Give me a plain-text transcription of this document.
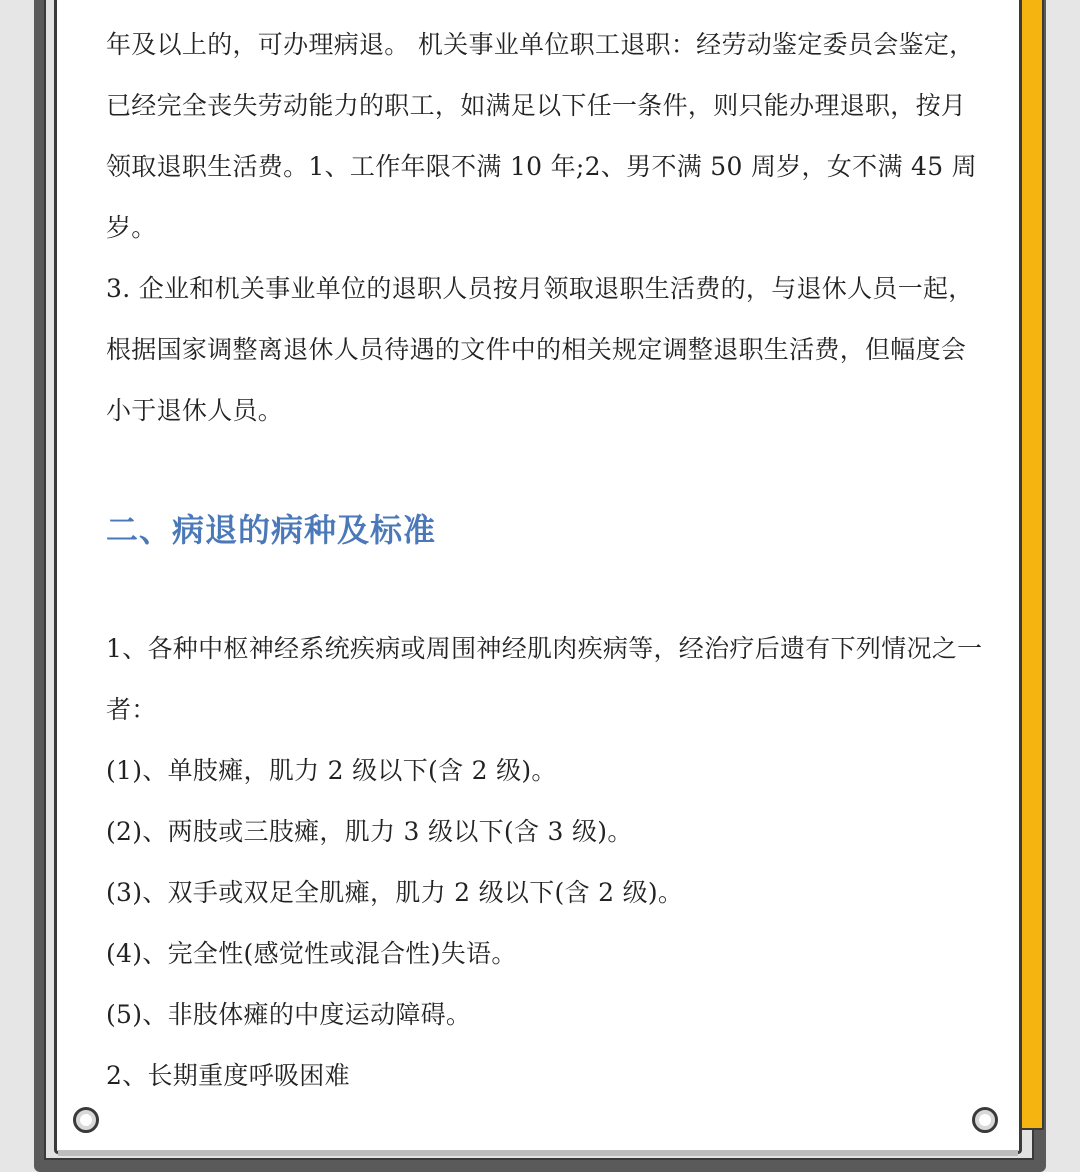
年及以上的，可办理病退。 机关事业单位职工退职：经劳动鉴定委员会鉴定，已经完全丧失劳动能力的职工，如满足以下任一条件，则只能办理退职，按月领取退职生活费。1、工作年限不满 10 年;2、男不满 50 周岁，女不满 45 周岁。

3. 企业和机关事业单位的退职人员按月领取退职生活费的，与退休人员一起，根据国家调整离退休人员待遇的文件中的相关规定调整退职生活费，但幅度会小于退休人员。

二、病退的病种及标准

1、各种中枢神经系统疾病或周围神经肌肉疾病等，经治疗后遗有下列情况之一者：

(1)、单肢瘫，肌力 2 级以下(含 2 级)。

(2)、两肢或三肢瘫，肌力 3 级以下(含 3 级)。

(3)、双手或双足全肌瘫，肌力 2 级以下(含 2 级)。

(4)、完全性(感觉性或混合性)失语。

(5)、非肢体瘫的中度运动障碍。

2、长期重度呼吸困难
